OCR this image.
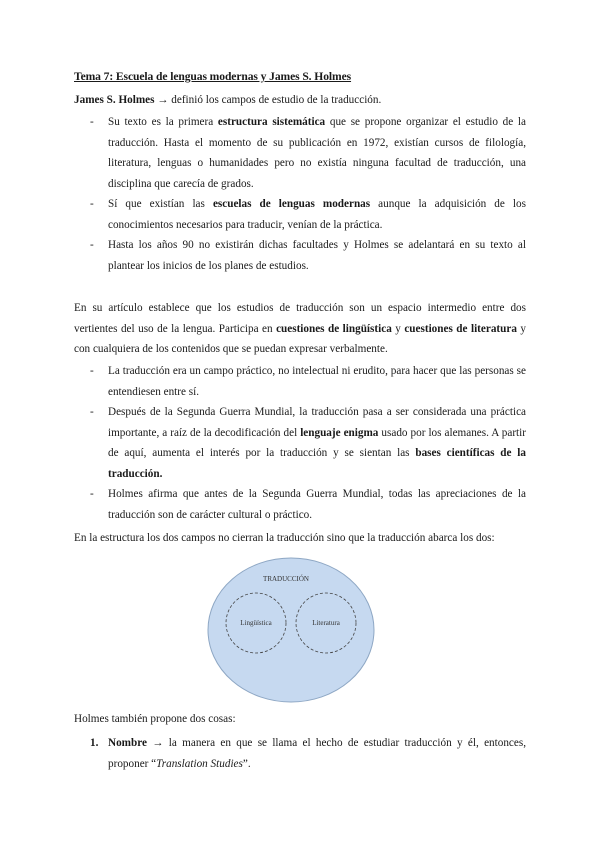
Tema 7: Escuela de lenguas modernas y James S. Holmes
James S. Holmes → definió los campos de estudio de la traducción.
- Su texto es la primera estructura sistemática que se propone organizar el estudio de la traducción. Hasta el momento de su publicación en 1972, existían cursos de filología, literatura, lenguas o humanidades pero no existía ninguna facultad de traducción, una disciplina que carecía de grados.
- Sí que existían las escuelas de lenguas modernas aunque la adquisición de los conocimientos necesarios para traducir, venían de la práctica.
- Hasta los años 90 no existirán dichas facultades y Holmes se adelantará en su texto al plantear los inicios de los planes de estudios.
En su artículo establece que los estudios de traducción son un espacio intermedio entre dos vertientes del uso de la lengua. Participa en cuestiones de lingüística y cuestiones de literatura y con cualquiera de los contenidos que se puedan expresar verbalmente.
- La traducción era un campo práctico, no intelectual ni erudito, para hacer que las personas se entendiesen entre sí.
- Después de la Segunda Guerra Mundial, la traducción pasa a ser considerada una práctica importante, a raíz de la decodificación del lenguaje enigma usado por los alemanes. A partir de aquí, aumenta el interés por la traducción y se sientan las bases científicas de la traducción.
- Holmes afirma que antes de la Segunda Guerra Mundial, todas las apreciaciones de la traducción son de carácter cultural o práctico.
En la estructura los dos campos no cierran la traducción sino que la traducción abarca los dos:
TRADUCCIÓN
Lingüística	Literatura
Holmes también propone dos cosas:
1. Nombre → la manera en que se llama el hecho de estudiar traducción y él, entonces, proponer “Translation Studies”.
